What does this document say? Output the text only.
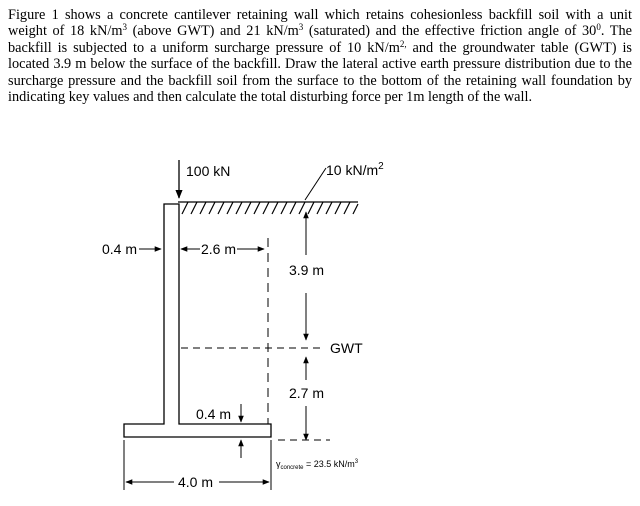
Figure 1 shows a concrete cantilever retaining wall which retains cohesionless backfill soil with a unit weight of 18 $kN/m^3$ (above GWT) and 21 $kN/m^3$ (saturated) and the effective friction angle of $30^0$. The backfill is subjected to a uniform surcharge pressure of 10 $kN/m^{2,}$ and the groundwater table (GWT) is located 3.9 m below the surface of the backfill. Draw the lateral active earth pressure distribution due to the surcharge pressure and the backfill soil from the surface to the bottom of the retaining wall foundation by indicating key values and then calculate the total disturbing force per 1m length of the wall.
100 kN	10 $kN/m^2$
0.4 m	2.6 m
3.9 m
GWT
2.7 m
0.4 m
4.0 m
γconcrete = 23.5 $kN/m^3$
